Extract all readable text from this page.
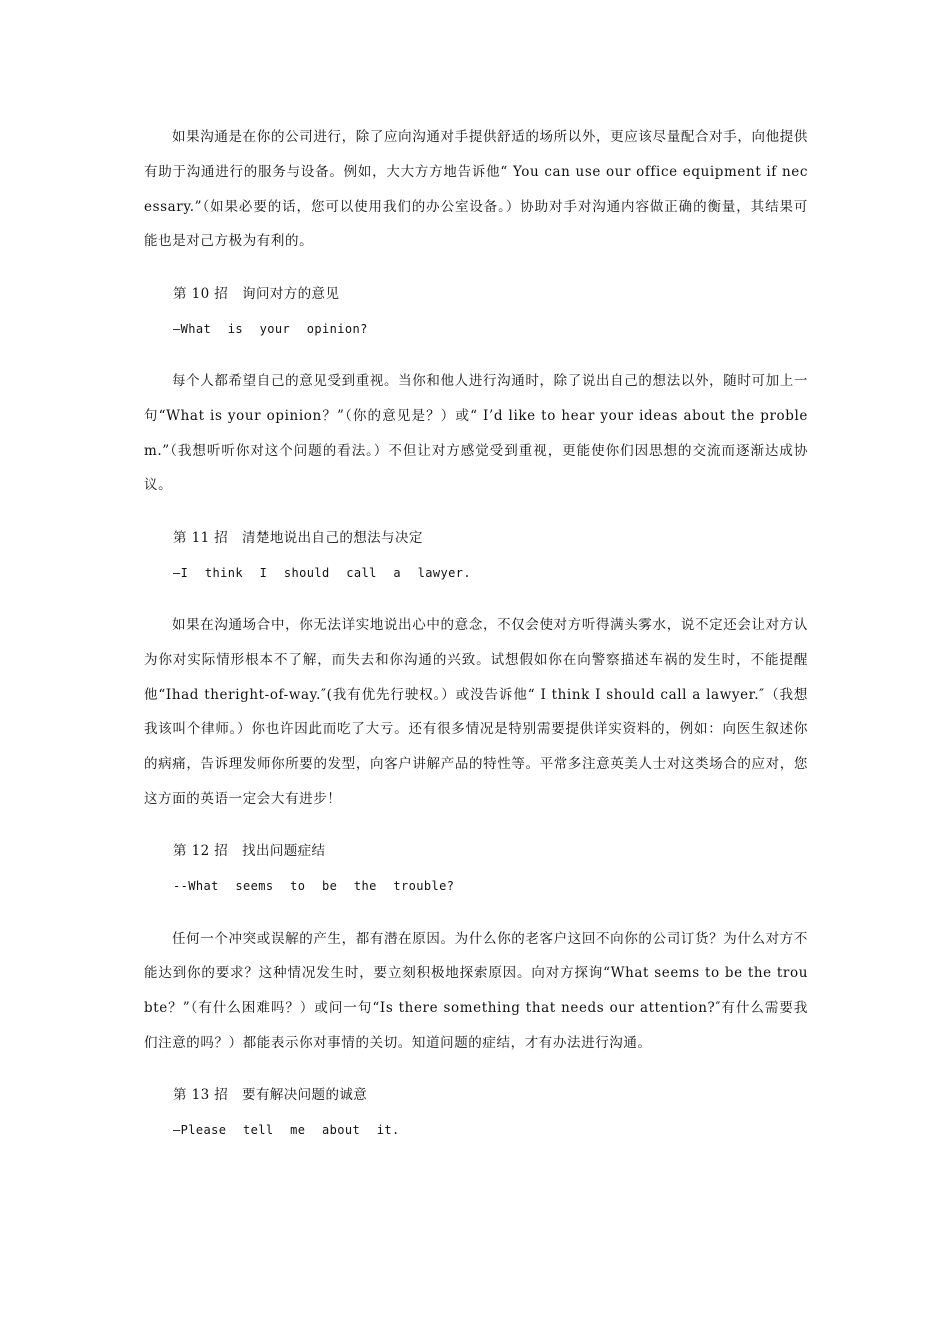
如果沟通是在你的公司进行，除了应向沟通对手提供舒适的场所以外，更应该尽量配合对手，向他提供有助于沟通进行的服务与设备。例如，大大方方地告诉他“ You can use our office equipment if necessary.”（如果必要的话，您可以使用我们的办公室设备。）协助对手对沟通内容做正确的衡量，其结果可能也是对己方极为有利的。

第 10 招　询问对方的意见
—What is your opinion?

每个人都希望自己的意见受到重视。当你和他人进行沟通时，除了说出自己的想法以外，随时可加上一句“What is your opinion？”（你的意见是？）或“ I’d like to hear your ideas about the problem.”（我想听听你对这个问题的看法。）不但让对方感觉受到重视，更能使你们因思想的交流而逐渐达成协议。

第 11 招　清楚地说出自己的想法与决定
—I think I should call a lawyer.

如果在沟通场合中，你无法详实地说出心中的意念，不仅会使对方听得满头雾水，说不定还会让对方认为你对实际情形根本不了解，而失去和你沟通的兴致。试想假如你在向警察描述车祸的发生时，不能提醒他“Ihad theright-of-way.″(我有优先行驶权。）或没告诉他“ I think I should call a lawyer.″（我想我该叫个律师。）你也许因此而吃了大亏。还有很多情况是特别需要提供详实资料的，例如：向医生叙述你的病痛，告诉理发师你所要的发型，向客户讲解产品的特性等。平常多注意英美人士对这类场合的应对，您这方面的英语一定会大有进步！

第 12 招　找出问题症结
--What seems to be the trouble?

任何一个冲突或误解的产生，都有潜在原因。为什么你的老客户这回不向你的公司订货？为什么对方不能达到你的要求？这种情况发生时，要立刻积极地探索原因。向对方探询“What seems to be the troubte？”（有什么困难吗？）或问一句“Is there something that needs our attention?″有什么需要我们注意的吗？）都能表示你对事情的关切。知道问题的症结，才有办法进行沟通。

第 13 招　要有解决问题的诚意
—Please tell me about it.
